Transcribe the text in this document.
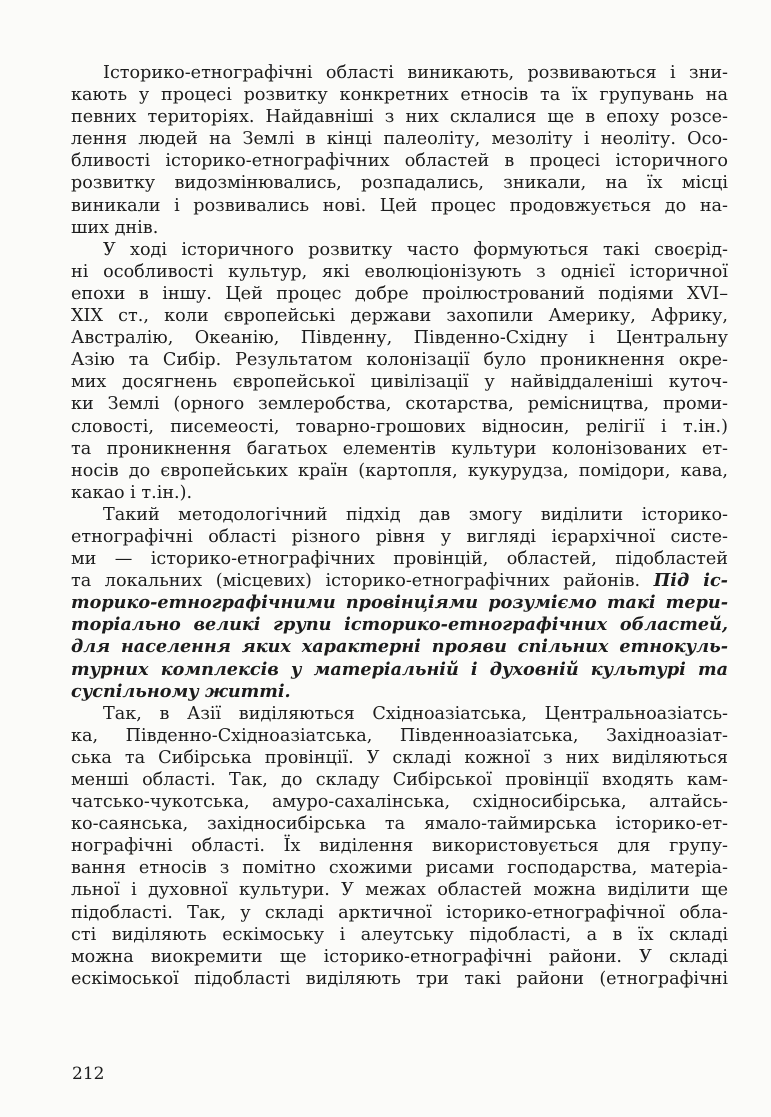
Історико-етнографічні області виникають, розвиваються і зни-
кають у процесі розвитку конкретних етносів та їх групувань на
певних територіях. Найдавніші з них склалися ще в епоху розсе-
лення людей на Землі в кінці палеоліту, мезоліту і неоліту. Осо-
бливості історико-етнографічних областей в процесі історичного
розвитку видозмінювались, розпадались, зникали, на їх місці
виникали і розвивались нові. Цей процес продовжується до на-
ших днів.

У ході історичного розвитку часто формуються такі своєрід-
ні особливості культур, які еволюціонізують з однієї історичної
епохи в іншу. Цей процес добре проілюстрований подіями XVI–
XIX ст., коли європейські держави захопили Америку, Африку,
Австралію, Океанію, Південну, Південно-Східну і Центральну
Азію та Сибір. Результатом колонізації було проникнення окре-
мих досягнень європейської цивілізації у найвіддаленіші куточ-
ки Землі (орного землеробства, скотарства, ремісництва, проми-
словості, писемеості, товарно-грошових відносин, релігії і т.ін.)
та проникнення багатьох елементів культури колонізованих ет-
носів до європейських країн (картопля, кукурудза, помідори, кава,
какао і т.ін.).

Такий методологічний підхід дав змогу виділити історико-
етнографічні області різного рівня у вигляді ієрархічної систе-
ми — історико-етнографічних провінцій, областей, підобластей
та локальних (місцевих) історико-етнографічних районів. Під іс-
торико-етнографічними провінціями розуміємо такі тери-
торіально великі групи історико-етнографічних областей,
для населення яких характерні прояви спільних етнокуль-
турних комплексів у матеріальній і духовній культурі та
суспільному житті.

Так, в Азії виділяються Східноазіатська, Центральноазіатсь-
ка, Південно-Східноазіатська, Південноазіатська, Західноазіат-
ська та Сибірська провінції. У складі кожної з них виділяються
менші області. Так, до складу Сибірської провінції входять кам-
чатсько-чукотська, амуро-сахалінська, східносибірська, алтайсь-
ко-саянська, західносибірська та ямало-таймирська історико-ет-
нографічні області. Їх виділення використовується для групу-
вання етносів з помітно схожими рисами господарства, матеріа-
льної і духовної культури. У межах областей можна виділити ще
підобласті. Так, у складі арктичної історико-етнографічної обла-
сті виділяють ескімоську і алеутську підобласті, а в їх складі
можна виокремити ще історико-етнографічні райони. У складі
ескімоської підобласті виділяють три такі райони (етнографічні

212
